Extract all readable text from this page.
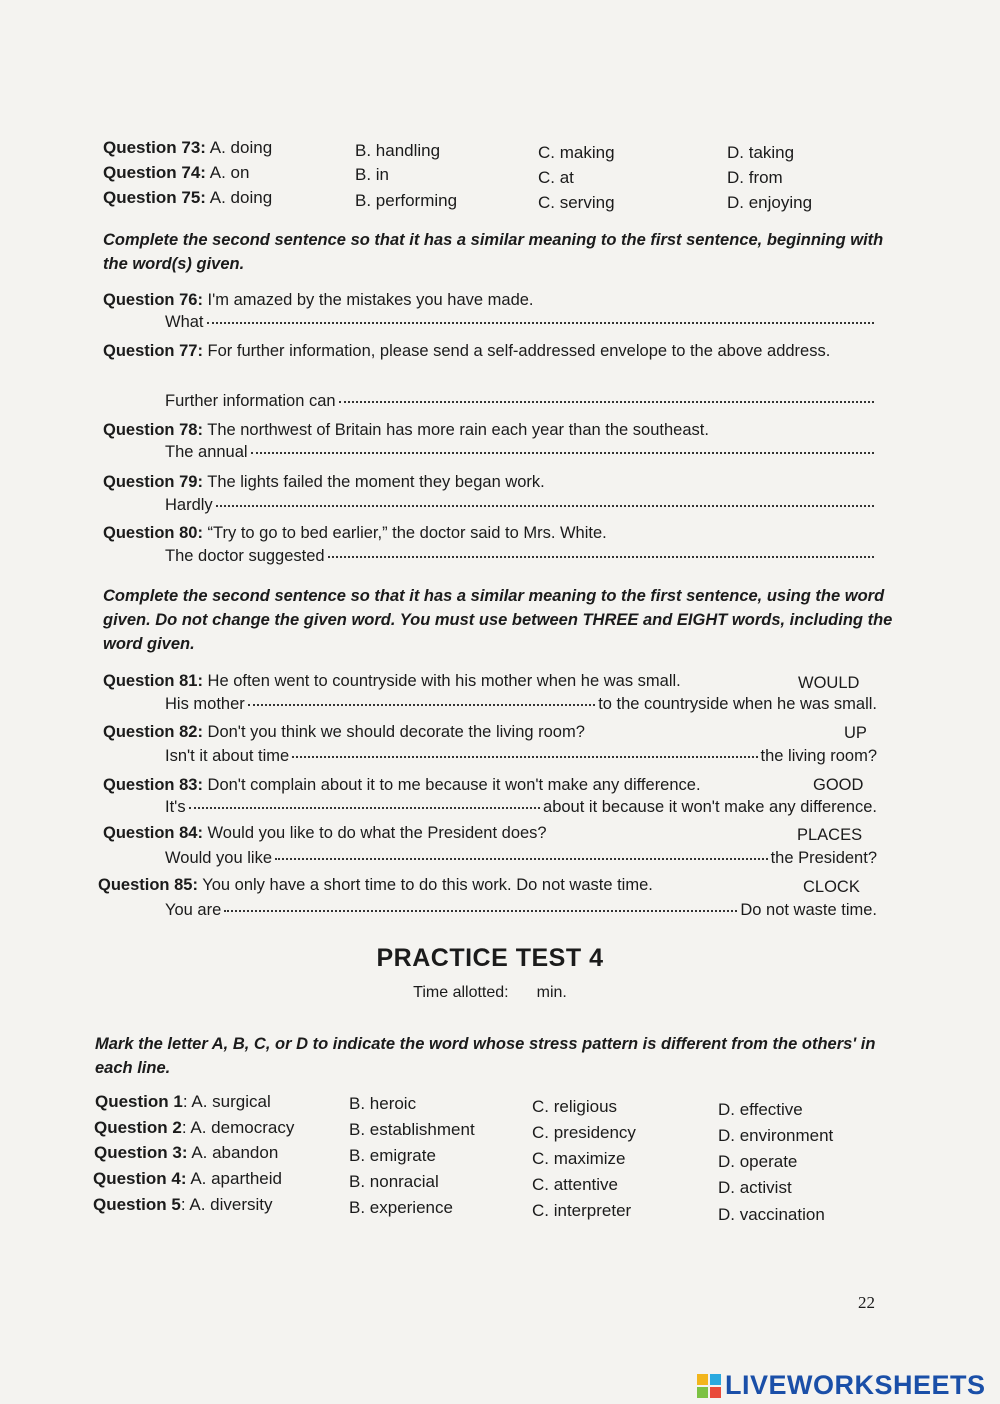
Question 73: A. doing	B. handling	C. making	D. taking
Question 74: A. on	B. in	C. at	D. from
Question 75: A. doing	B. performing	C. serving	D. enjoying
Complete the second sentence so that it has a similar meaning to the first sentence, beginning with the word(s) given.
Question 76: I'm amazed by the mistakes you have made.
What
Question 77: For further information, please send a self-addressed envelope to the above address.
Further information can
Question 78: The northwest of Britain has more rain each year than the southeast.
The annual
Question 79: The lights failed the moment they began work.
Hardly
Question 80: “Try to go to bed earlier,” the doctor said to Mrs. White.
The doctor suggested
Complete the second sentence so that it has a similar meaning to the first sentence, using the word given. Do not change the given word. You must use between THREE and EIGHT words, including the word given.
Question 81: He often went to countryside with his mother when he was small.	WOULD
His mother	to the countryside when he was small.
Question 82: Don't you think we should decorate the living room?	UP
Isn't it about time	the living room?
Question 83: Don't complain about it to me because it won't make any difference.	GOOD
It's	about it because it won't make any difference.
Question 84: Would you like to do what the President does?	PLACES
Would you like	the President?
Question 85: You only have a short time to do this work. Do not waste time.	CLOCK
You are	Do not waste time.
PRACTICE TEST 4
Time allotted: min.
Mark the letter A, B, C, or D to indicate the word whose stress pattern is different from the others' in each line.
Question 1: A. surgical	B. heroic	C. religious	D. effective
Question 2: A. democracy	B. establishment	C. presidency	D. environment
Question 3: A. abandon	B. emigrate	C. maximize	D. operate
Question 4: A. apartheid	B. nonracial	C. attentive	D. activist
Question 5: A. diversity	B. experience	C. interpreter	D. vaccination
22
LIVEWORKSHEETS
